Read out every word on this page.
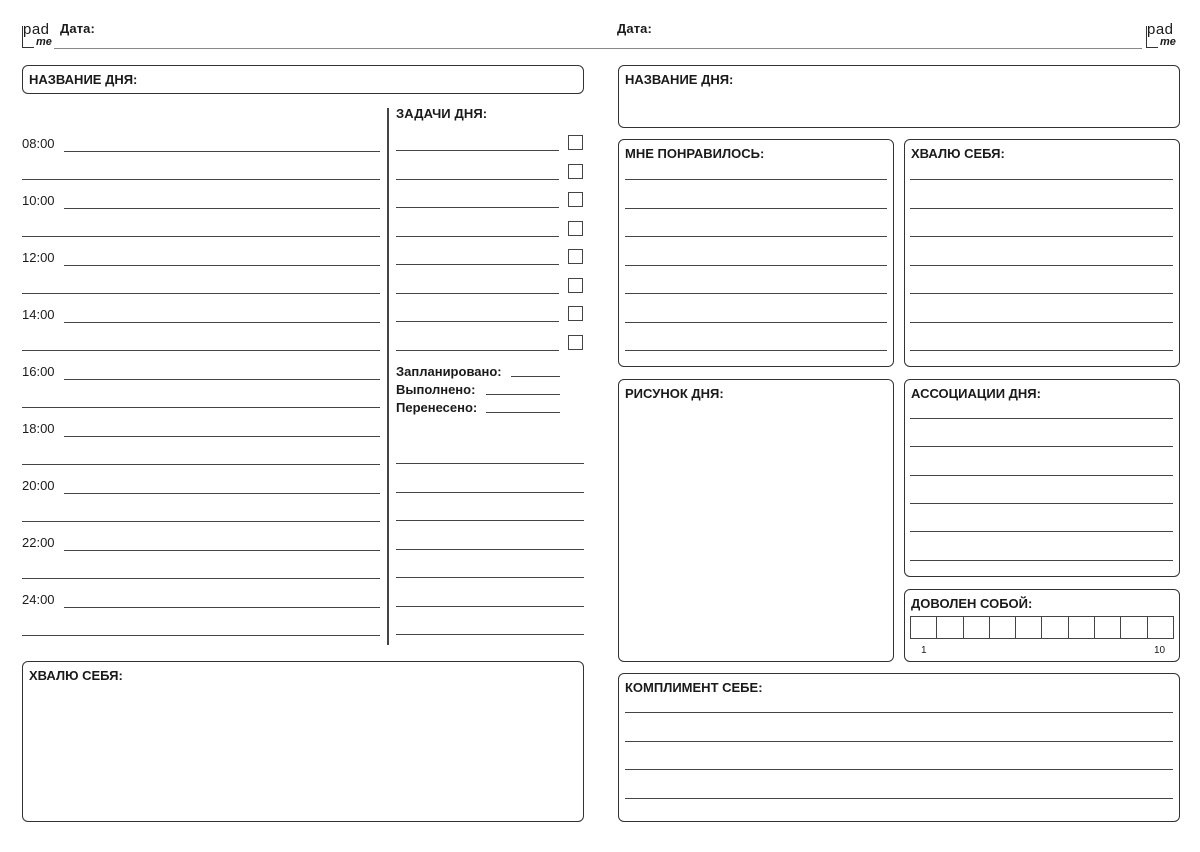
pad
me
Дата:	Дата:	pad
me
НАЗВАНИЕ ДНЯ:
08:00
10:00
12:00
14:00
16:00
18:00
20:00
22:00
24:00
ЗАДАЧИ ДНЯ:
Запланировано:
Выполнено:
Перенесено:
ХВАЛЮ СЕБЯ:
НАЗВАНИЕ ДНЯ:
МНЕ ПОНРАВИЛОСЬ:	ХВАЛЮ СЕБЯ:
РИСУНОК ДНЯ:	АССОЦИАЦИИ ДНЯ:
ДОВОЛЕН СОБОЙ:
1	10
КОМПЛИМЕНТ СЕБЕ:
